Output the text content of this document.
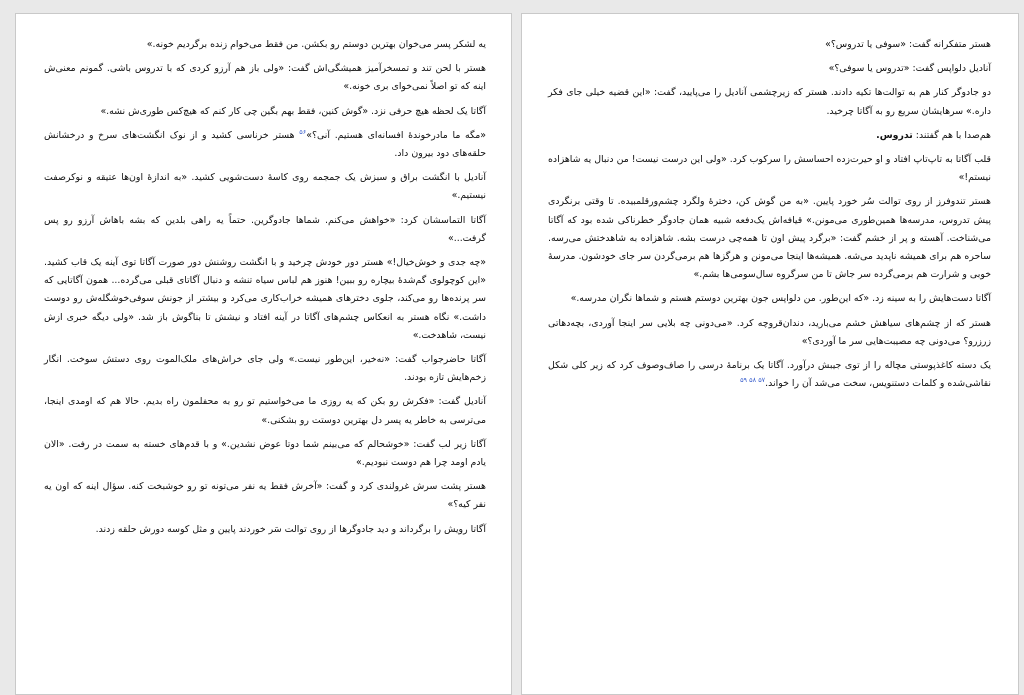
یه لشکر پسر می‌خوان بهترین دوستم رو بکشن. من فقط می‌خوام زنده برگردیم خونه.»

هستر با لحن تند و تمسخرآمیز همیشگی‌اش گفت: «ولی باز هم آرزو کردی که با تدروس باشی. گمونم معنی‌ش اینه که تو اصلاً نمی‌خوای بری خونه.»

آگاتا یک لحظه هیچ حرفی نزد. «گوش کنین، فقط بهم بگین چی کار کنم که هیچ‌کس طوری‌ش نشه.»

«مگه ما مادرخونده‌ٔ افسانه‌ای هستیم. آنی؟»$^{۵۶}$ هستر خرناسی کشید و از نوک انگشت‌های سرخ و درخشانش حلقه‌های دود بیرون داد.

آنادیل با انگشت براق و سبزش یک جمجمه روی کاسهٔ دست‌شویی کشید. «به اندازهٔ اون‌ها عتیقه و نوکرصفت نیستیم.»

آگاتا التماسشان کرد: «خواهش می‌کنم. شماها جادوگرین. حتماً یه راهی بلدین که بشه باهاش آرزو رو پس گرفت...»

«چه جدی و خوش‌خیال!» هستر دور خودش چرخید و با انگشت روشنش دور صورت آگاتا توی آینه یک قاب کشید. «این کوچولوی گم‌شدهٔ بیچاره رو ببین! هنوز هم لباس سیاه تنشه و دنبال آگاتای قبلی می‌گرده... همون آگاتایی که سر پرنده‌ها رو می‌کند، جلوی دخترهای همیشه خراب‌کاری می‌کرد و بیشتر از جونش سوفی‌خوشگله‌ش رو دوست داشت.» نگاه هستر به انعکاس چشم‌های آگاتا در آینه افتاد و نیشش تا بناگوش باز شد. «ولی دیگه خبری ازش نیست، شاهدخت.»

آگاتا حاضرجواب گفت: «نه‌خیر، این‌طور نیست.» ولی جای خراش‌های ملک‌الموت روی دستش سوخت. انگار زخم‌هایش تازه بودند.

آنادیل گفت: «فکرش رو بکن که یه روزی ما می‌خواستیم تو رو به محفلمون راه بدیم. حالا هم که اومدی اینجا، می‌ترسی به خاطر یه پسر دل بهترین دوستت رو بشکنی.»

آگاتا زیر لب گفت: «خوشحالم که می‌بینم شما دوتا عوض نشدین.» و با قدم‌های خسته به سمت در رفت. «الان یادم اومد چرا هم دوست نبودیم.»

هستر پشت سرش غرولندی کرد و گفت: «آخرش فقط یه نفر می‌تونه تو رو خوشبخت کنه. سؤال اینه که اون یه نفر کیه؟»

آگاتا رویش را برگرداند و دید جادوگرها از روی توالت سَر خوردند پایین و مثل کوسه دورش حلقه زدند.

هستر متفکرانه گفت: «سوفی یا تدروس؟»

آنادیل دلواپس گفت: «تدروس یا سوفی؟»

دو جادوگر کنار هم به توالت‌ها تکیه دادند. هستر که زیرچشمی آنادیل را می‌پایید، گفت: «این قضیه خیلی جای فکر داره.» سرهایشان سریع رو به آگاتا چرخید.

هم‌صدا با هم گفتند: تدروس.

قلب آگاتا به تاپ‌تاپ افتاد و او حیرت‌زده احساسش را سرکوب کرد. «ولی این درست نیست! من دنبال یه شاهزاده نیستم!»

هستر تندوفرز از روی توالت سُر خورد پایین. «به من گوش کن، دخترهٔ ولگرد چشم‌ورقلمبیده. تا وقتی برنگردی پیش تدروس، مدرسه‌ها همین‌طوری می‌مونن.» قیافه‌اش یک‌دفعه شبیه همان جادوگر خطرناکی شده بود که آگاتا می‌شناخت. آهسته و پر از خشم گفت: «برگرد پیش اون تا همه‌چی درست بشه. شاهزاده به شاهدختش می‌رسه. ساحره هم برای همیشه ناپدید می‌شه. همیشه‌ها اینجا می‌مونن و هرگزها هم برمی‌گردن سر جای خودشون. مدرسهٔ خوبی و شرارت هم برمی‌گرده سر جاش تا من سرگروه سال‌سومی‌ها بشم.»

آگاتا دست‌هایش را به سینه زد. «که این‌طور. من دلواپس جون بهترین دوستم هستم و شماها نگران مدرسه.»

هستر که از چشم‌های سیاهش خشم می‌بارید، دندان‌قروچه کرد. «می‌دونی چه بلایی سر اینجا آوردی، بچه‌دهاتی زرزرو؟ می‌دونی چه مصیبت‌هایی سر ما آوردی؟»

یک دسته کاغذپوستی مچاله را از توی جیبش درآورد. آگاتا یک برنامهٔ درسی را صاف‌وصوف کرد که زیر کلی شکل نقاشی‌شده و کلمات دستنویس، سخت می‌شد آن را خواند.$^{۵۷ ۵۸ ۵۹}$
